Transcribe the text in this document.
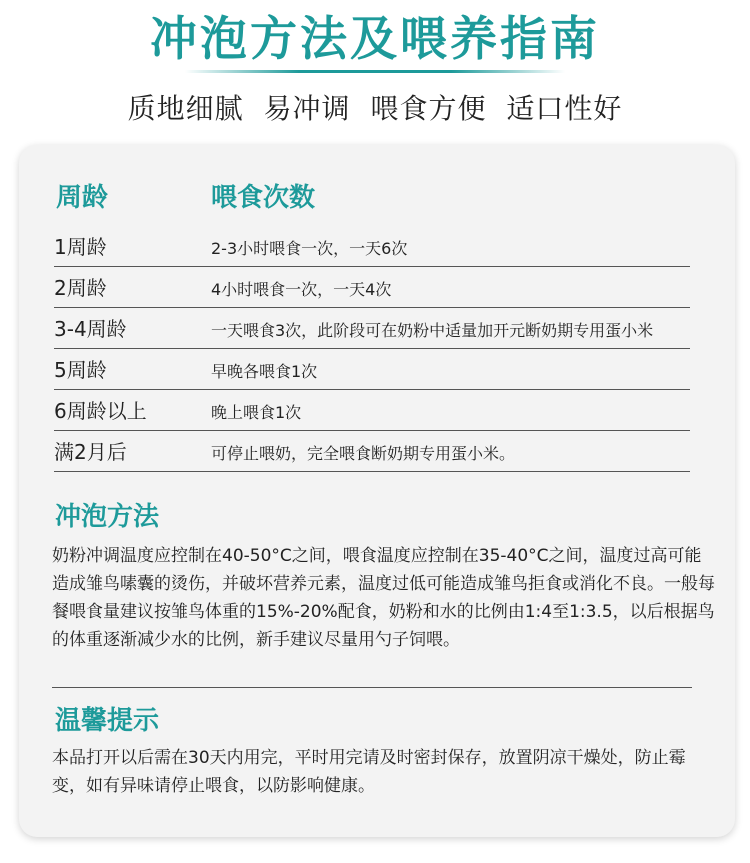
冲泡方法及喂养指南
质地细腻 易冲调 喂食方便 适口性好
周龄	喂食次数
1周龄	2-3小时喂食一次，一天6次
2周龄	4小时喂食一次，一天4次
3-4周龄	一天喂食3次，此阶段可在奶粉中适量加开元断奶期专用蛋小米
5周龄	早晚各喂食1次
6周龄以上	晚上喂食1次
满2月后	可停止喂奶，完全喂食断奶期专用蛋小米。
冲泡方法
奶粉冲调温度应控制在40-50°C之间，喂食温度应控制在35-40°C之间，温度过高可能造成雏鸟嗉囊的烫伤，并破坏营养元素，温度过低可能造成雏鸟拒食或消化不良。一般每餐喂食量建议按雏鸟体重的15%-20%配食，奶粉和水的比例由1:4至1:3.5，以后根据鸟的体重逐渐减少水的比例，新手建议尽量用勺子饲喂。
温馨提示
本品打开以后需在30天内用完，平时用完请及时密封保存，放置阴凉干燥处，防止霉变，如有异味请停止喂食，以防影响健康。
